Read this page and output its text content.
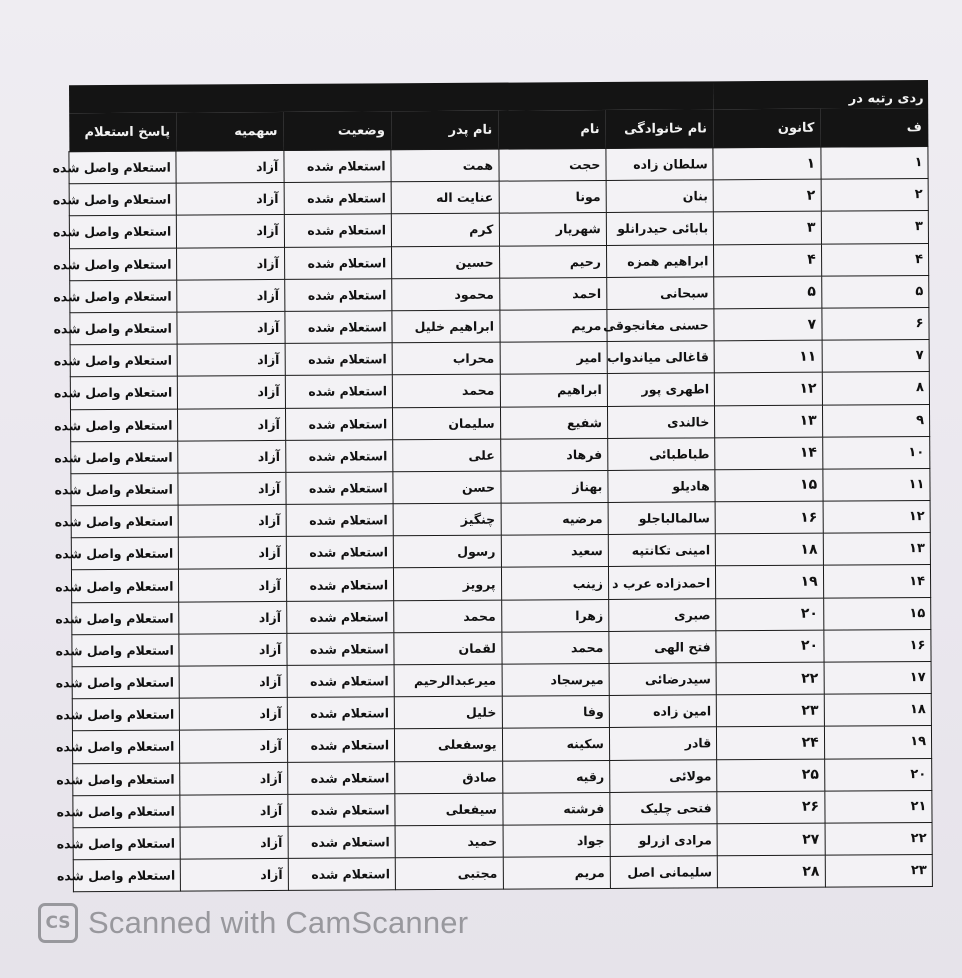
ردی رتبه در							
ف	کانون	نام خانوادگی	نام	نام پدر	وضعیت	سهمیه	پاسخ استعلام
۱	۱	سلطان زاده	حجت	همت	استعلام شده	آزاد	استعلام واصل شده
۲	۲	بنان	مونا	عنایت اله	استعلام شده	آزاد	استعلام واصل شده
۳	۳	بابائی حیدرانلو	شهریار	کرم	استعلام شده	آزاد	استعلام واصل شده
۴	۴	ابراهیم همزه	رحیم	حسین	استعلام شده	آزاد	استعلام واصل شده
۵	۵	سبحانی	احمد	محمود	استعلام شده	آزاد	استعلام واصل شده
۶	۷	حسنی مغانجوقی	مریم	ابراهیم خلیل	استعلام شده	آزاد	استعلام واصل شده
۷	۱۱	قاغالی میاندواب	امیر	محراب	استعلام شده	آزاد	استعلام واصل شده
۸	۱۲	اطهری پور	ابراهیم	محمد	استعلام شده	آزاد	استعلام واصل شده
۹	۱۳	خالندی	شفیع	سلیمان	استعلام شده	آزاد	استعلام واصل شده
۱۰	۱۴	طباطبائی	فرهاد	علی	استعلام شده	آزاد	استعلام واصل شده
۱۱	۱۵	هادیلو	بهناز	حسن	استعلام شده	آزاد	استعلام واصل شده
۱۲	۱۶	سالمالباجلو	مرضیه	چنگیز	استعلام شده	آزاد	استعلام واصل شده
۱۳	۱۸	امینی تکانتپه	سعید	رسول	استعلام شده	آزاد	استعلام واصل شده
۱۴	۱۹	احمدزاده عرب د	زینب	پرویز	استعلام شده	آزاد	استعلام واصل شده
۱۵	۲۰	صبری	زهرا	محمد	استعلام شده	آزاد	استعلام واصل شده
۱۶	۲۰	فتح الهی	محمد	لقمان	استعلام شده	آزاد	استعلام واصل شده
۱۷	۲۲	سیدرضائی	میرسجاد	میرعبدالرحیم	استعلام شده	آزاد	استعلام واصل شده
۱۸	۲۳	امین زاده	وفا	خلیل	استعلام شده	آزاد	استعلام واصل شده
۱۹	۲۴	قادر	سکینه	یوسفعلی	استعلام شده	آزاد	استعلام واصل شده
۲۰	۲۵	مولائی	رقیه	صادق	استعلام شده	آزاد	استعلام واصل شده
۲۱	۲۶	فتحی چلیک	فرشته	سیفعلی	استعلام شده	آزاد	استعلام واصل شده
۲۲	۲۷	مرادی ازرلو	جواد	حمید	استعلام شده	آزاد	استعلام واصل شده
۲۳	۲۸	سلیمانی اصل	مریم	مجتبی	استعلام شده	آزاد	استعلام واصل شده
CS Scanned with CamScanner
